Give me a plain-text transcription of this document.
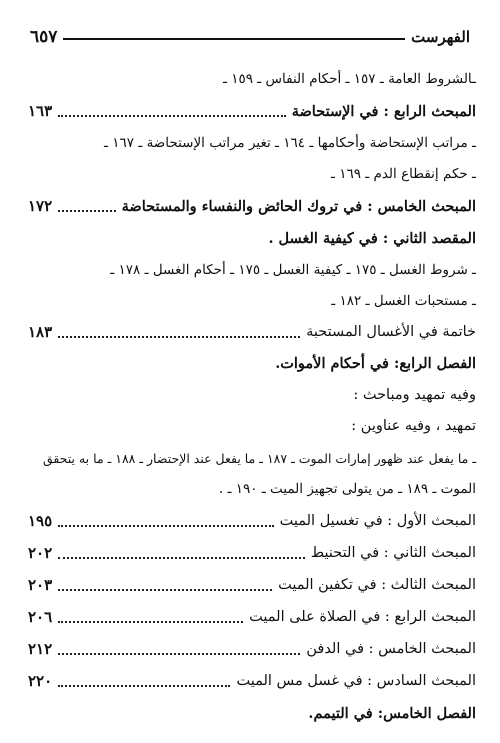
الفهرست
٦٥٧
ـالشروط العامة ـ ١٥٧ ـ أحكام النفاس ـ ١٥٩ ـ
المبحث الرابع : في الإستحاضة
١٦٣
ـ مراتب الإستحاضة وأحكامها ـ ١٦٤ ـ تغير مراتب الإستحاضة ـ ١٦٧ ـ
ـ حكم إنقطاع الدم ـ ١٦٩ ـ
المبحث الخامس : في تروك الحائض والنفساء والمستحاضة
١٧٢
المقصد الثاني : في كيفية الغسل .
ـ شروط الغسل ـ ١٧٥ ـ كيفية الغسل ـ ١٧٥ ـ أحكام الغسل ـ ١٧٨ ـ
ـ مستحبات الغسل ـ ١٨٢ ـ
خاتمة في الأغسال المستحبة
١٨٣
الفصل الرابع: في أحكام الأموات.
وفيه تمهيد ومباحث :
تمهيد ، وفيه عناوين :
ـ ما يفعل عند ظهور إمارات الموت ـ ١٨٧ ـ ما يفعل عند الإحتضار ـ ١٨٨ ـ ما به يتحقق
الموت ـ ١٨٩ ـ من يتولى تجهيز الميت ـ ١٩٠ ـ .
المبحث الأول : في تغسيل الميت
١٩٥
المبحث الثاني : في التحنيط
٢٠٢
المبحث الثالث : في تكفين الميت
٢٠٣
المبحث الرابع : في الصلاة على الميت
٢٠٦
المبحث الخامس : في الدفن
٢١٢
المبحث السادس : في غسل مس الميت
٢٢٠
الفصل الخامس: في التيمم.
